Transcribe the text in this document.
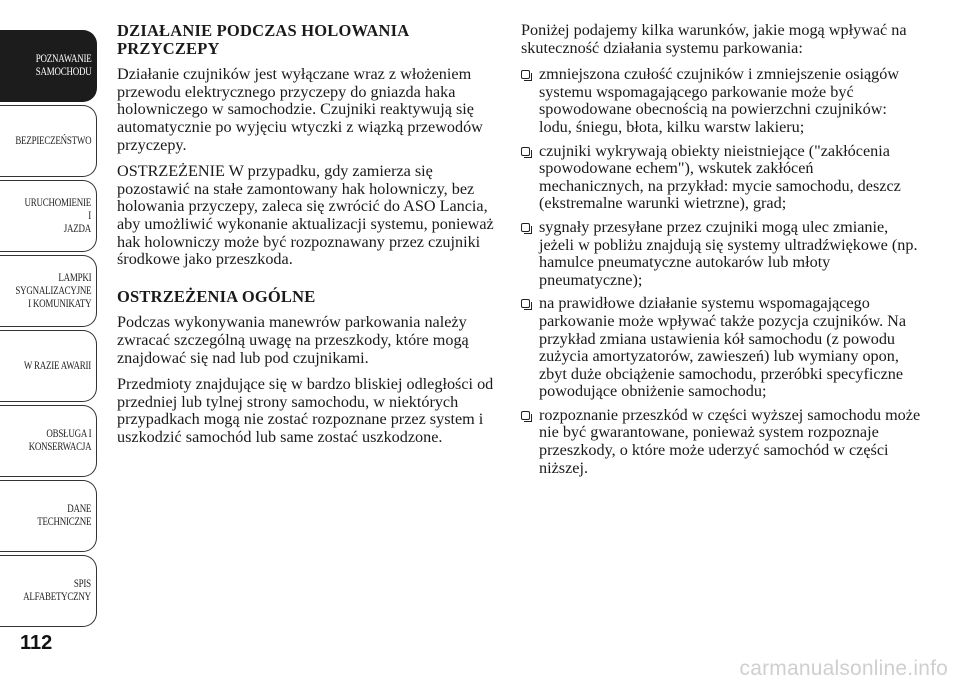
POZNAWANIE
SAMOCHODU
BEZPIECZEŃSTWO
URUCHOMIENIE I
JAZDA
LAMPKI
SYGNALIZACYJNE
I KOMUNIKATY
W RAZIE AWARII
OBSŁUGA I
KONSERWACJA
DANE
TECHNICZNE
SPIS
ALFABETYCZNY
112
DZIAŁANIE PODCZAS HOLOWANIA PRZYCZEPY

Działanie czujników jest wyłączane wraz z włożeniem przewodu elektrycznego przyczepy do gniazda haka holowniczego w samochodzie. Czujniki reaktywują się automatycznie po wyjęciu wtyczki z wiązką przewodów przyczepy.

OSTRZEŻENIE W przypadku, gdy zamierza się pozostawić na stałe zamontowany hak holowniczy, bez holowania przyczepy, zaleca się zwrócić do ASO Lancia, aby umożliwić wykonanie aktualizacji systemu, ponieważ hak holowniczy może być rozpoznawany przez czujniki środkowe jako przeszkoda.

OSTRZEŻENIA OGÓLNE

Podczas wykonywania manewrów parkowania należy zwracać szczególną uwagę na przeszkody, które mogą znajdować się nad lub pod czujnikami.

Przedmioty znajdujące się w bardzo bliskiej odległości od przedniej lub tylnej strony samochodu, w niektórych przypadkach mogą nie zostać rozpoznane przez system i uszkodzić samochód lub same zostać uszkodzone.

Poniżej podajemy kilka warunków, jakie mogą wpływać na skuteczność działania systemu parkowania:

zmniejszona czułość czujników i zmniejszenie osiągów systemu wspomagającego parkowanie może być spowodowane obecnością na powierzchni czujników: lodu, śniegu, błota, kilku warstw lakieru;
czujniki wykrywają obiekty nieistniejące ("zakłócenia spowodowane echem"), wskutek zakłóceń mechanicznych, na przykład: mycie samochodu, deszcz (ekstremalne warunki wietrzne), grad;
sygnały przesyłane przez czujniki mogą ulec zmianie, jeżeli w pobliżu znajdują się systemy ultradźwiękowe (np. hamulce pneumatyczne autokarów lub młoty pneumatyczne);
na prawidłowe działanie systemu wspomagającego parkowanie może wpływać także pozycja czujników. Na przykład zmiana ustawienia kół samochodu (z powodu zużycia amortyzatorów, zawieszeń) lub wymiany opon, zbyt duże obciążenie samochodu, przeróbki specyficzne powodujące obniżenie samochodu;
rozpoznanie przeszkód w części wyższej samochodu może nie być gwarantowane, ponieważ system rozpoznaje przeszkody, o które może uderzyć samochód w części niższej.
carmanualsonline.info
